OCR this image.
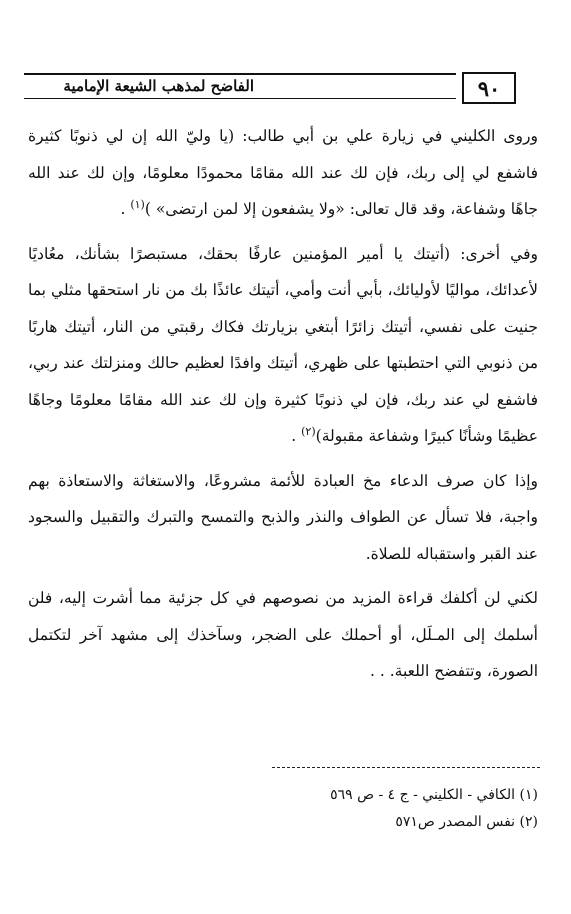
٩٠
الفاضح لمذهب الشيعة الإمامية

وروى الكليني في زيارة علي بن أبي طالب: (يا وليّ الله إن لي ذنوبًا كثيرة فاشفع لي إلى ربك، فإن لك عند الله مقامًا محمودًا معلومًا، وإن لك عند الله جاهًا وشفاعة، وقد قال تعالى: «ولا يشفعون إلا لمن ارتضى» )$^{(١)}$ .

وفي أخرى: (أتيتك يا أمير المؤمنين عارفًا بحقك، مستبصرًا بشأنك، معُاديًا لأعدائك، مواليًا لأوليائك، بأبي أنت وأمي، أتيتك عائذًا بك من نار استحقها مثلي بما جنيت على نفسي، أتيتك زائرًا أبتغي بزيارتك فكاك رقبتي من النار، أتيتك هاربًا من ذنوبي التي احتطبتها على ظهري، أتيتك وافدًا لعظيم حالك ومنزلتك عند ربي، فاشفع لي عند ربك، فإن لي ذنوبًا كثيرة وإن لك عند الله مقامًا معلومًا وجاهًا عظيمًا وشأنًا كبيرًا وشفاعة مقبولة)$^{(٢)}$ .

وإذا كان صرف الدعاء مخ العبادة للأئمة مشروعًا، والاستغاثة والاستعاذة بهم واجبة، فلا تسأل عن الطواف والنذر والذبح والتمسح والتبرك والتقبيل والسجود عند القبر واستقباله للصلاة.

لكني لن أكلفك قراءة المزيد من نصوصهم في كل جزئية مما أشرت إليه، فلن أسلمك إلى المـلَل، أو أحملك على الضجر، وسآخذك إلى مشهد آخر لتكتمل الصورة، وتتفضح اللعبة. . .

(١) الكافي - الكليني - ج ٤ - ص ٥٦٩
(٢) نفس المصدر ص٥٧١
